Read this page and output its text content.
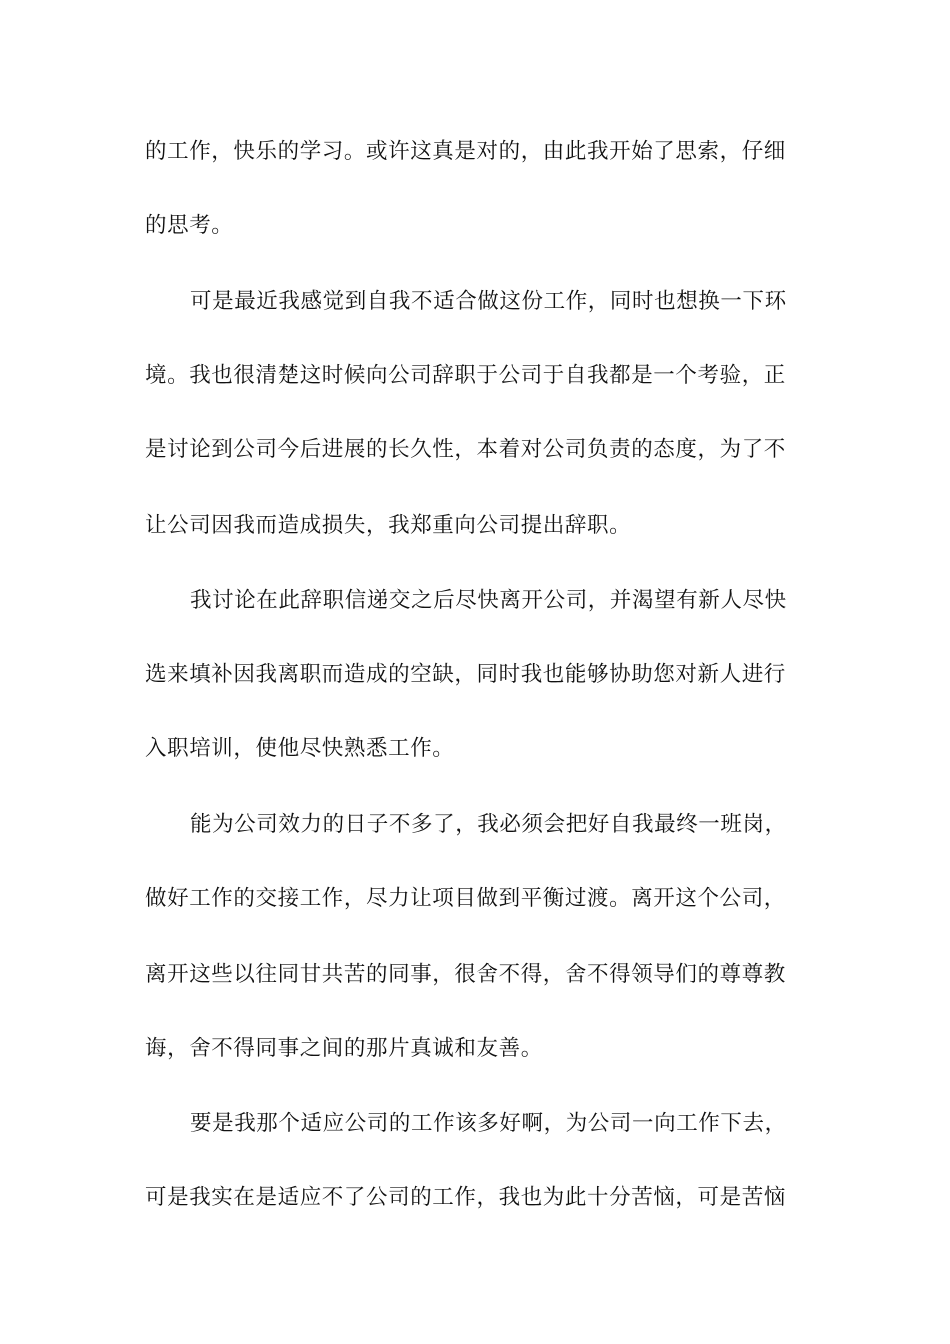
的工作，快乐的学习。或许这真是对的，由此我开始了思索，仔细
的思考。
可是最近我感觉到自我不适合做这份工作，同时也想换一下环
境。我也很清楚这时候向公司辞职于公司于自我都是一个考验，正
是讨论到公司今后进展的长久性，本着对公司负责的态度，为了不
让公司因我而造成损失，我郑重向公司提出辞职。
我讨论在此辞职信递交之后尽快离开公司，并渴望有新人尽快
选来填补因我离职而造成的空缺，同时我也能够协助您对新人进行
入职培训，使他尽快熟悉工作。
能为公司效力的日子不多了，我必须会把好自我最终一班岗，
做好工作的交接工作，尽力让项目做到平衡过渡。离开这个公司，
离开这些以往同甘共苦的同事，很舍不得，舍不得领导们的尊尊教
诲，舍不得同事之间的那片真诚和友善。
要是我那个适应公司的工作该多好啊，为公司一向工作下去，
可是我实在是适应不了公司的工作，我也为此十分苦恼，可是苦恼
